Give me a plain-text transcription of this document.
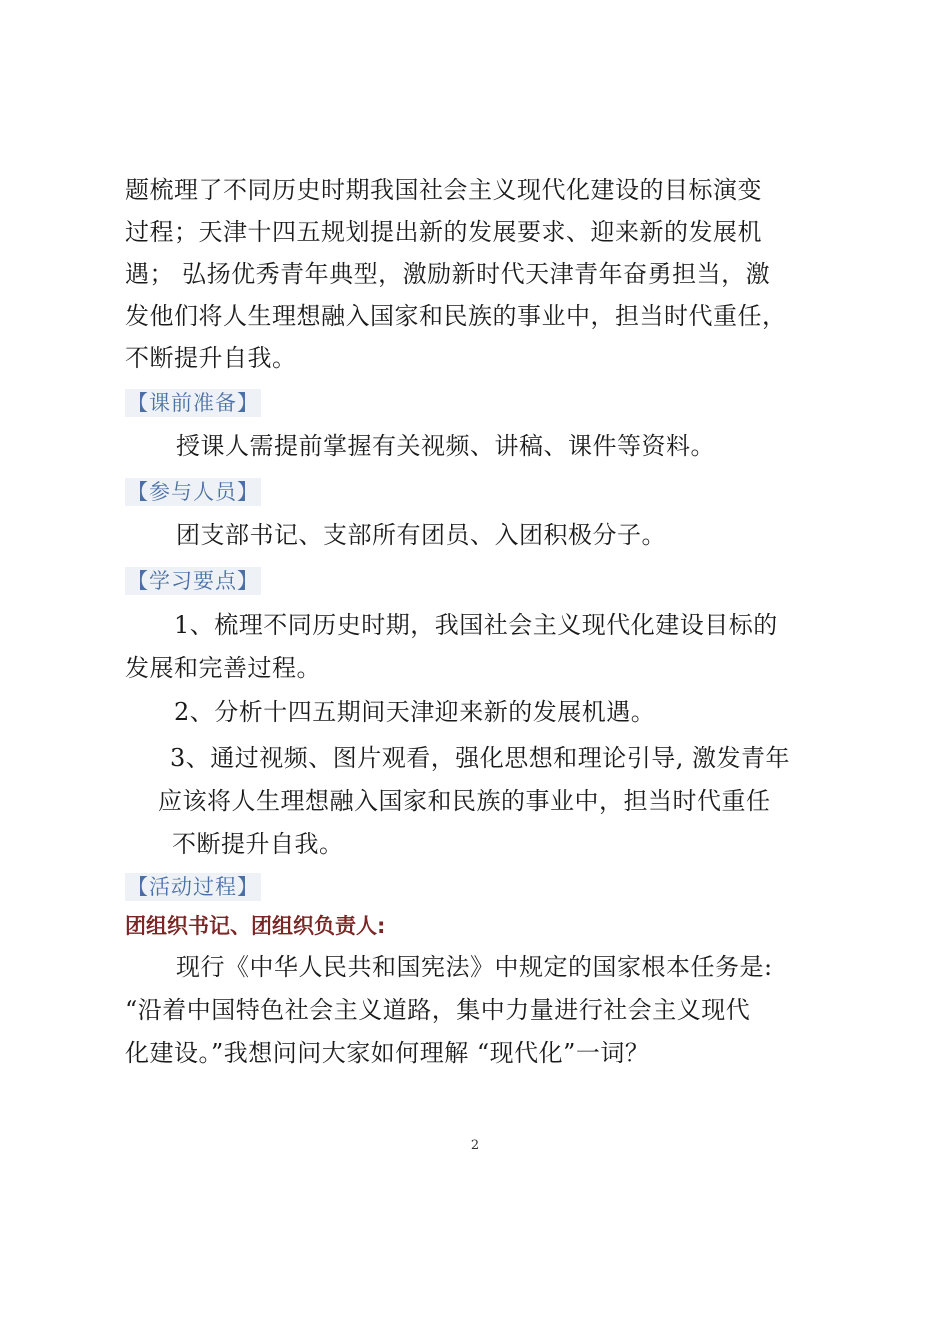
题梳理了不同历史时期我国社会主义现代化建设的目标演变
过程；天津十四五规划提出新的发展要求、迎来新的发展机
遇； 弘扬优秀青年典型，激励新时代天津青年奋勇担当，激
发他们将人生理想融入国家和民族的事业中，担当时代重任，
不断提升自我。
【课前准备】
授课人需提前掌握有关视频、讲稿、课件等资料。
【参与人员】
团支部书记、支部所有团员、入团积极分子。
【学习要点】
1、梳理不同历史时期，我国社会主义现代化建设目标的
发展和完善过程。
2、分析十四五期间天津迎来新的发展机遇。
3、通过视频、图片观看，强化思想和理论引导, 激发青年
应该将人生理想融入国家和民族的事业中，担当时代重任
不断提升自我。
【活动过程】
团组织书记、团组织负责人:
现行《中华人民共和国宪法》中规定的国家根本任务是:
“沿着中国特色社会主义道路，集中力量进行社会主义现代
化建设。”我想问问大家如何理解 “现代化”一词？
2
